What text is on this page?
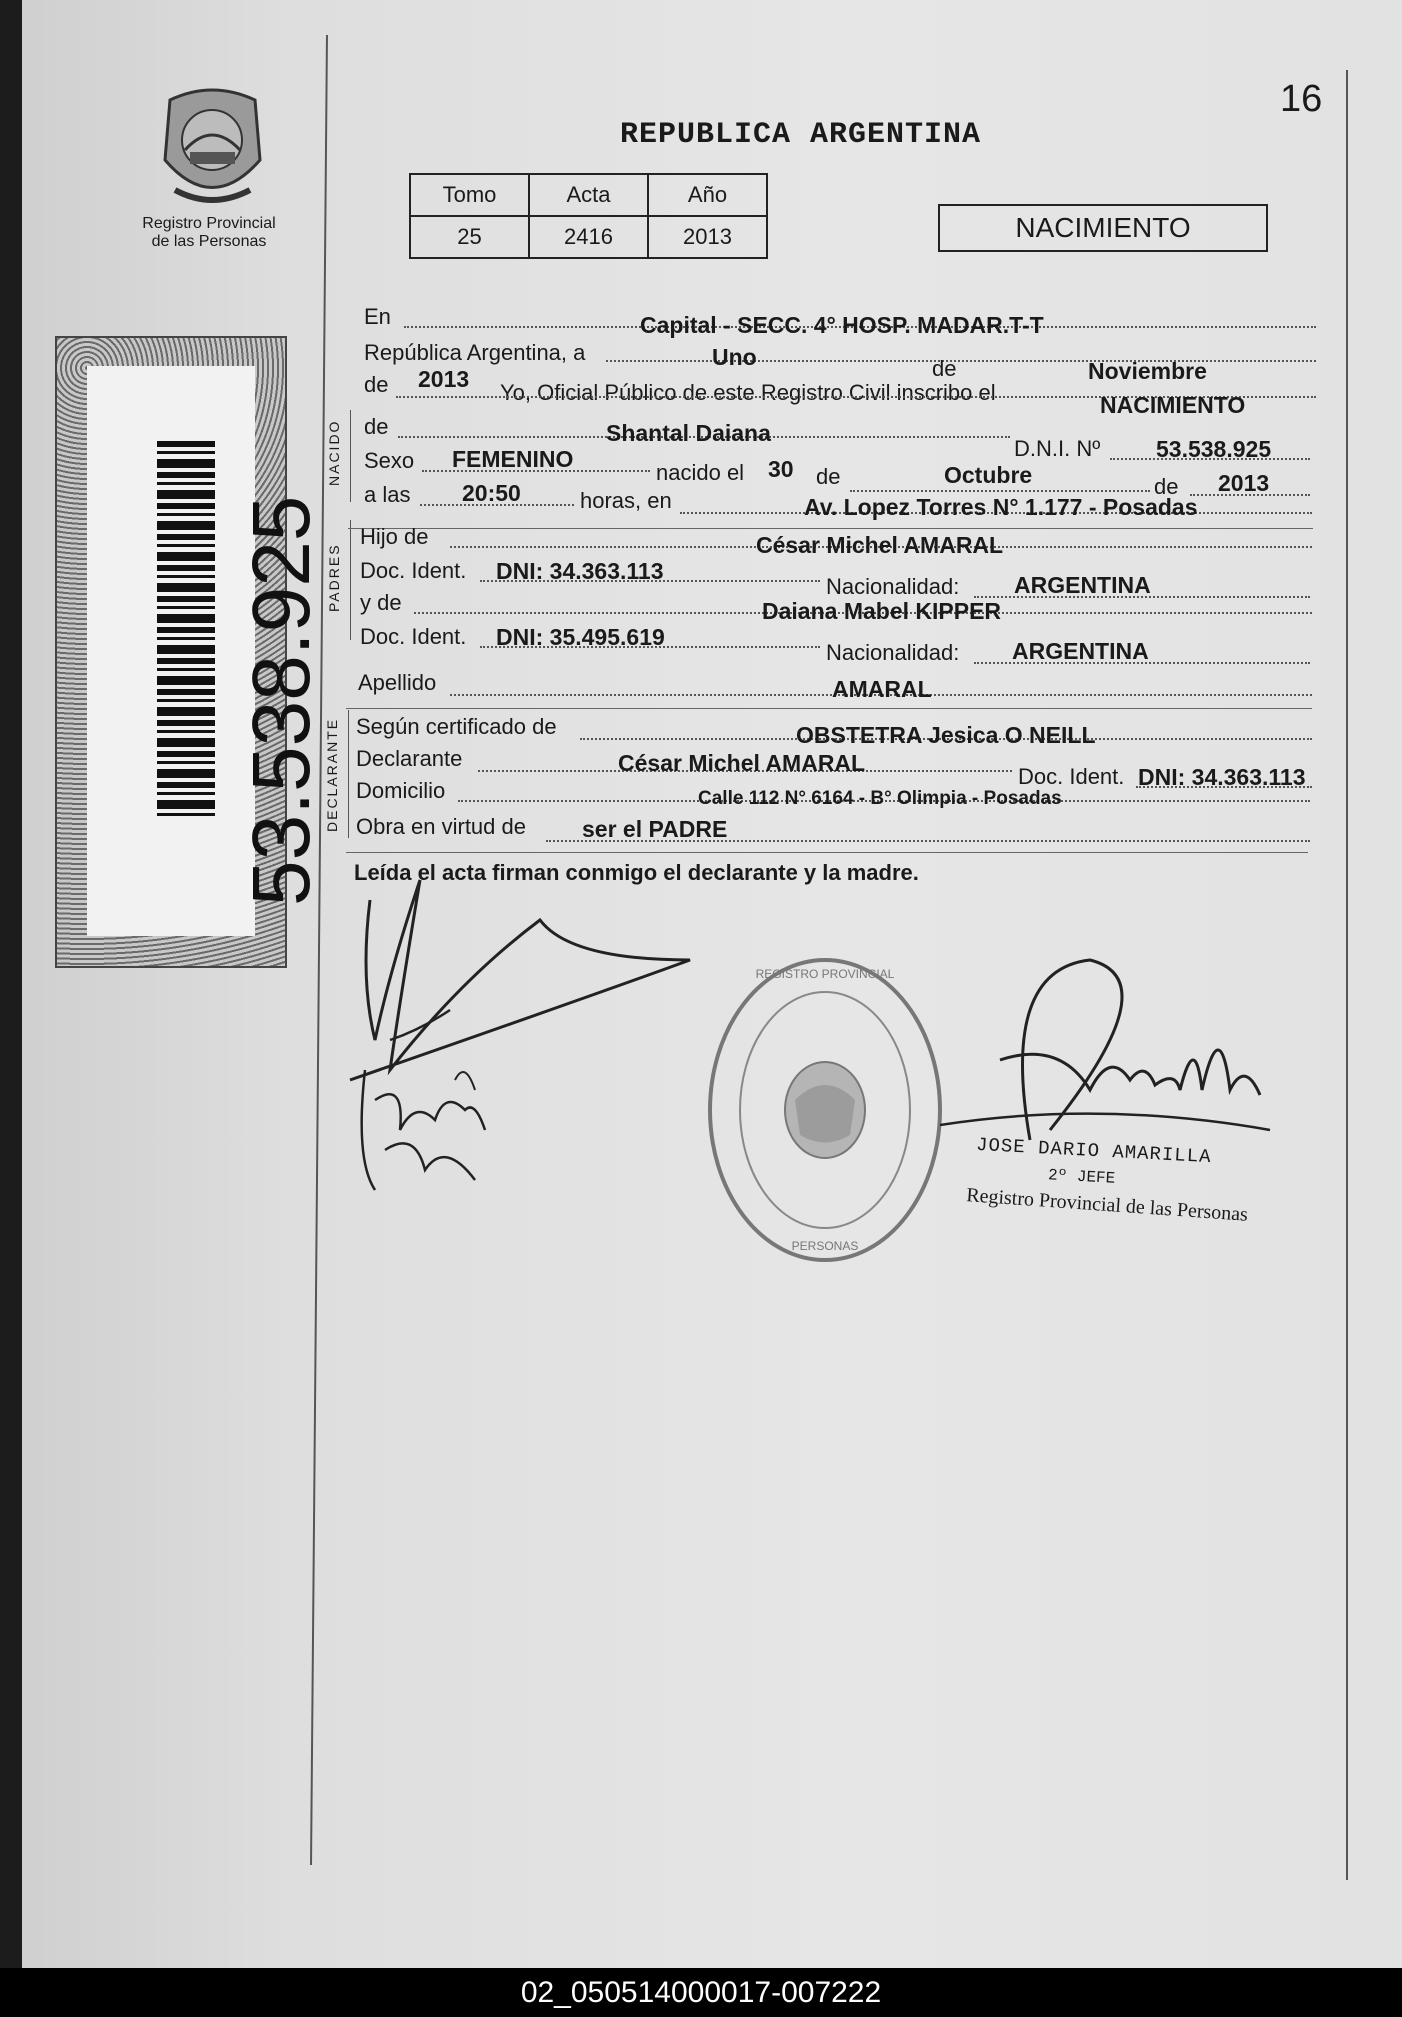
Registro Provincial
de las Personas
53.538.925
16
REPUBLICA ARGENTINA
Tomo	Acta	Año
25	2416	2013	NACIMIENTO
NACIDO
PADRES
DECLARANTE
En	Capital - SECC. 4° HOSP. MADAR.T-T
República Argentina, a	Uno	de	Noviembre
de 2013
Yo, Oficial Público de este Registro Civil inscribo el	NACIMIENTO
de	Shantal Daiana
D.N.I. Nº 53.538.925
Sexo FEMENINO
nacido el 30 de	Octubre	de 2013
a las 20:50	horas, en	Av. Lopez Torres N° 1.177 - Posadas
Hijo de	César Michel AMARAL
Doc. Ident. DNI: 34.363.113
Nacionalidad: ARGENTINA
y de	Daiana Mabel KIPPER
Doc. Ident. DNI: 35.495.619
Nacionalidad: ARGENTINA
Apellido	AMARAL
Según certificado de	OBSTETRA Jesica O NEILL
Declarante	César Michel AMARAL
Doc. Ident. DNI: 34.363.113
Domicilio	Calle 112 N° 6164 - B° Olimpia - Posadas
Obra en virtud de ser el PADRE
Leída el acta firman conmigo el declarante y la madre.
REGISTRO PROVINCIAL
PERSONAS
JOSE DARIO AMARILLA
2º JEFE
Registro Provincial de las Personas
02_050514000017-007222
